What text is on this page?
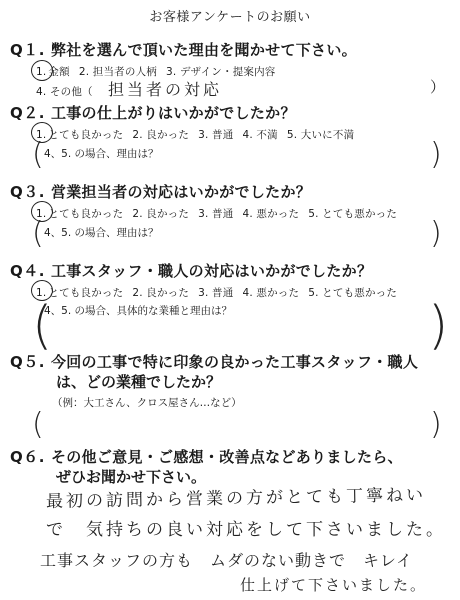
お客様アンケートのお願い
Q１. 弊社を選んで頂いた理由を聞かせて下さい。
1. 金額 2. 担当者の人柄 3. デザイン・提案内容
4. その他（ 担当者の対応	）
Q２. 工事の仕上がりはいかがでしたか？
1. とても良かった 2. 良かった 3. 普通 4. 不満 5. 大いに不満
( 4、5. の場合、理由は？	)
Q３. 営業担当者の対応はいかがでしたか？
1. とても良かった 2. 良かった 3. 普通 4. 悪かった 5. とても悪かった
( 4、5. の場合、理由は？	)
Q４. 工事スタッフ・職人の対応はいかがでしたか？
1. とても良かった 2. 良かった 3. 普通 4. 悪かった 5. とても悪かった
(
4、5. の場合、具体的な業種と理由は？	)
Q５. 今回の工事で特に印象の良かった工事スタッフ・職人
は、どの業種でしたか？
（例：大工さん、クロス屋さん…など）
(	)
Q６. その他ご意見・ご感想・改善点などありましたら、
ぜひお聞かせ下さい。
最初の訪問から営業の方がとても丁寧ねい
で　気持ちの良い対応をして下さいました。
工事スタッフの方も　ムダのない動きで　キレイ
仕上げて下さいました。
